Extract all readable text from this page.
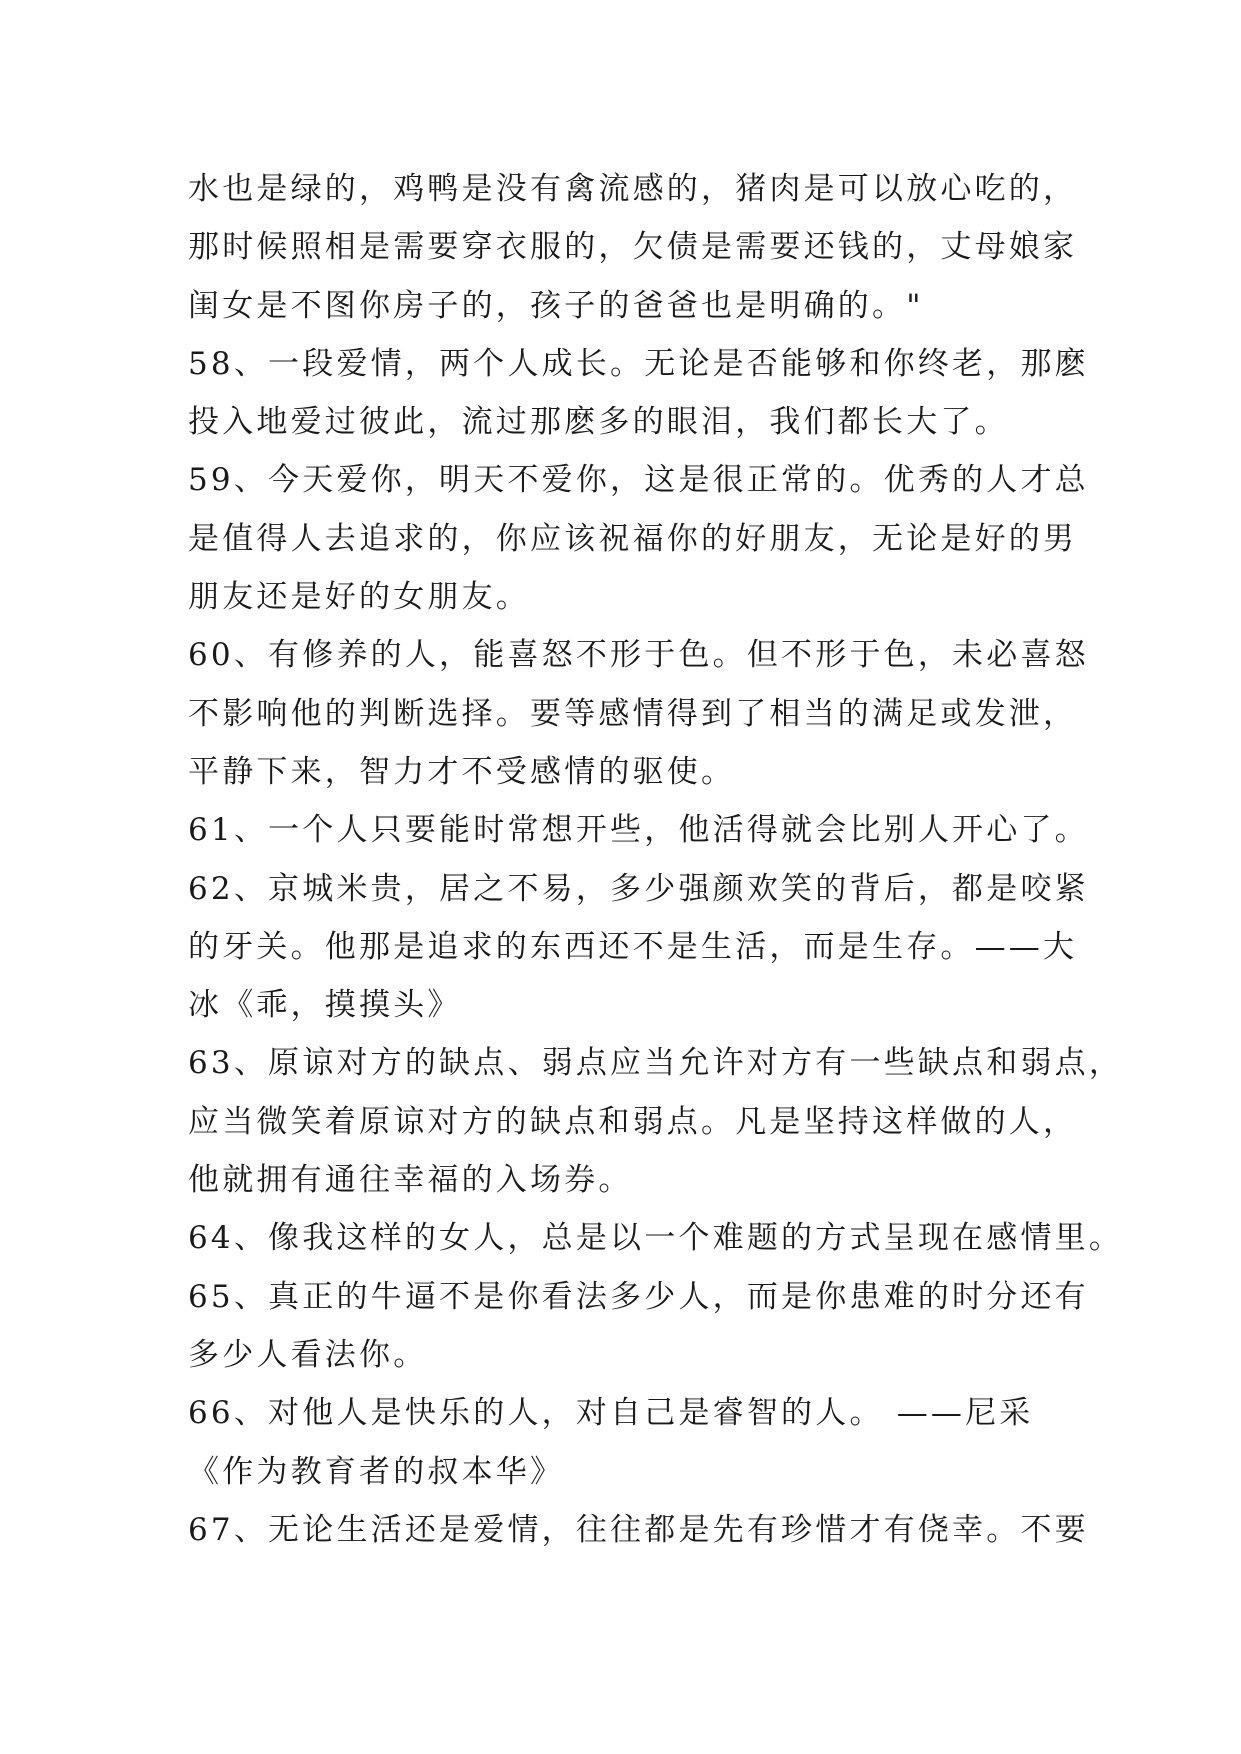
水也是绿的，鸡鸭是没有禽流感的，猪肉是可以放心吃的，
那时候照相是需要穿衣服的，欠债是需要还钱的，丈母娘家
闺女是不图你房子的，孩子的爸爸也是明确的。"
58、一段爱情，两个人成长。无论是否能够和你终老，那麽
投入地爱过彼此，流过那麽多的眼泪，我们都长大了。
59、今天爱你，明天不爱你，这是很正常的。优秀的人才总
是值得人去追求的，你应该祝福你的好朋友，无论是好的男
朋友还是好的女朋友。
60、有修养的人，能喜怒不形于色。但不形于色，未必喜怒
不影响他的判断选择。要等感情得到了相当的满足或发泄，
平静下来，智力才不受感情的驱使。
61、一个人只要能时常想开些，他活得就会比别人开心了。
62、京城米贵，居之不易，多少强颜欢笑的背后，都是咬紧
的牙关。他那是追求的东西还不是生活，而是生存。——大
冰《乖，摸摸头》
63、原谅对方的缺点、弱点应当允许对方有一些缺点和弱点，
应当微笑着原谅对方的缺点和弱点。凡是坚持这样做的人，
他就拥有通往幸福的入场券。
64、像我这样的女人，总是以一个难题的方式呈现在感情里。
65、真正的牛逼不是你看法多少人，而是你患难的时分还有
多少人看法你。
66、对他人是快乐的人，对自己是睿智的人。 ——尼采
《作为教育者的叔本华》
67、无论生活还是爱情，往往都是先有珍惜才有侥幸。不要
